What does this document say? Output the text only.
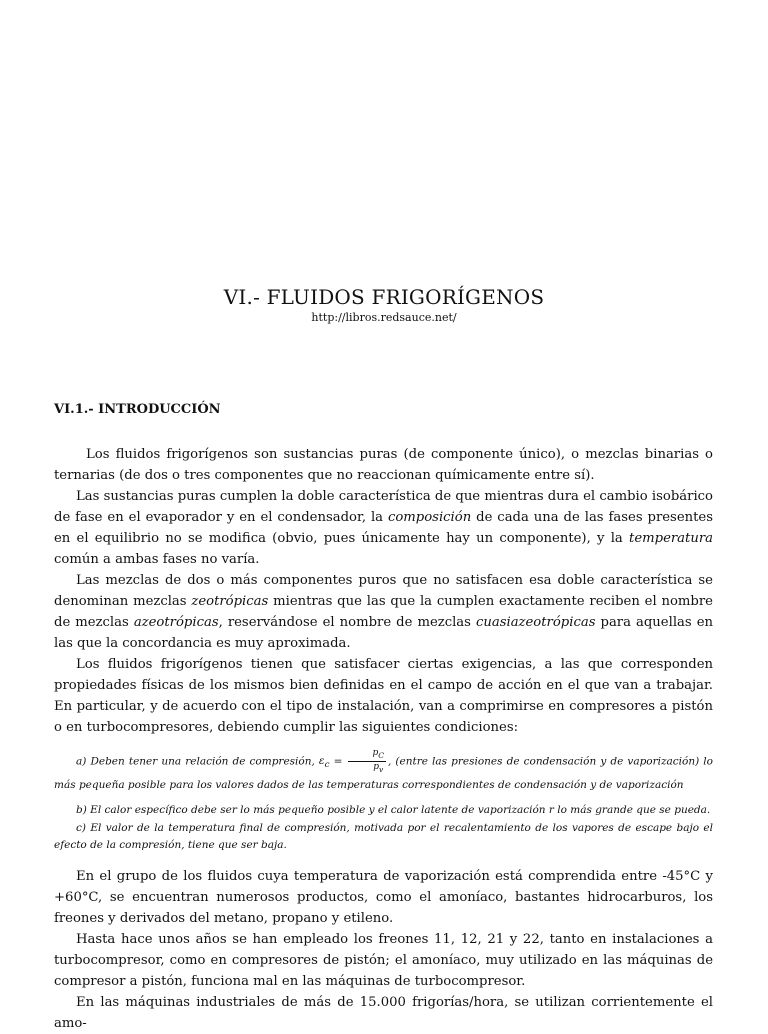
VI.- FLUIDOS FRIGORÍGENOS
http://libros.redsauce.net/
VI.1.- INTRODUCCIÓN

Los fluidos frigorígenos son sustancias puras (de componente único), o mezclas binarias o ternarias (de dos o tres componentes que no reaccionan químicamente entre sí).

Las sustancias puras cumplen la doble característica de que mientras dura el cambio isobárico de fase en el evaporador y en el condensador, la composición de cada una de las fases presentes en el equilibrio no se modifica (obvio, pues únicamente hay un componente), y la temperatura común a ambas fases no varía.

Las mezclas de dos o más componentes puros que no satisfacen esa doble característica se denominan mezclas zeotrópicas mientras que las que la cumplen exactamente reciben el nombre de mezclas azeotrópicas, reservándose el nombre de mezclas cuasiazeotrópicas para aquellas en las que la concordancia es muy aproximada.

Los fluidos frigorígenos tienen que satisfacer ciertas exigencias, a las que corresponden propiedades físicas de los mismos bien definidas en el campo de acción en el que van a trabajar. En particular, y de acuerdo con el tipo de instalación, van a comprimirse en compresores a pistón o en turbocompresores, debiendo cumplir las siguientes condiciones:

a) Deben tener una relación de compresión, $\varepsilon_c = \frac{p_C}{p_v}$ , (entre las presiones de condensación y de vaporización) lo más pequeña posible para los valores dados de las temperaturas correspondientes de condensación y de vaporización

b) El calor específico debe ser lo más pequeño posible y el calor latente de vaporización r lo más grande que se pueda.

c) El valor de la temperatura final de compresión, motivada por el recalentamiento de los vapores de escape bajo el efecto de la compresión, tiene que ser baja.

En el grupo de los fluidos cuya temperatura de vaporización está comprendida entre -45°C y +60°C, se encuentran numerosos productos, como el amoníaco, bastantes hidrocarburos, los freones y derivados del metano, propano y etileno.

Hasta hace unos años se han empleado los freones 11, 12, 21 y 22, tanto en instalaciones a turbocompresor, como en compresores de pistón; el amoníaco, muy utilizado en las máquinas de compresor a pistón, funciona mal en las máquinas de turbocompresor.

En las máquinas industriales de más de 15.000 frigorías/hora, se utilizan corrientemente el amo-
